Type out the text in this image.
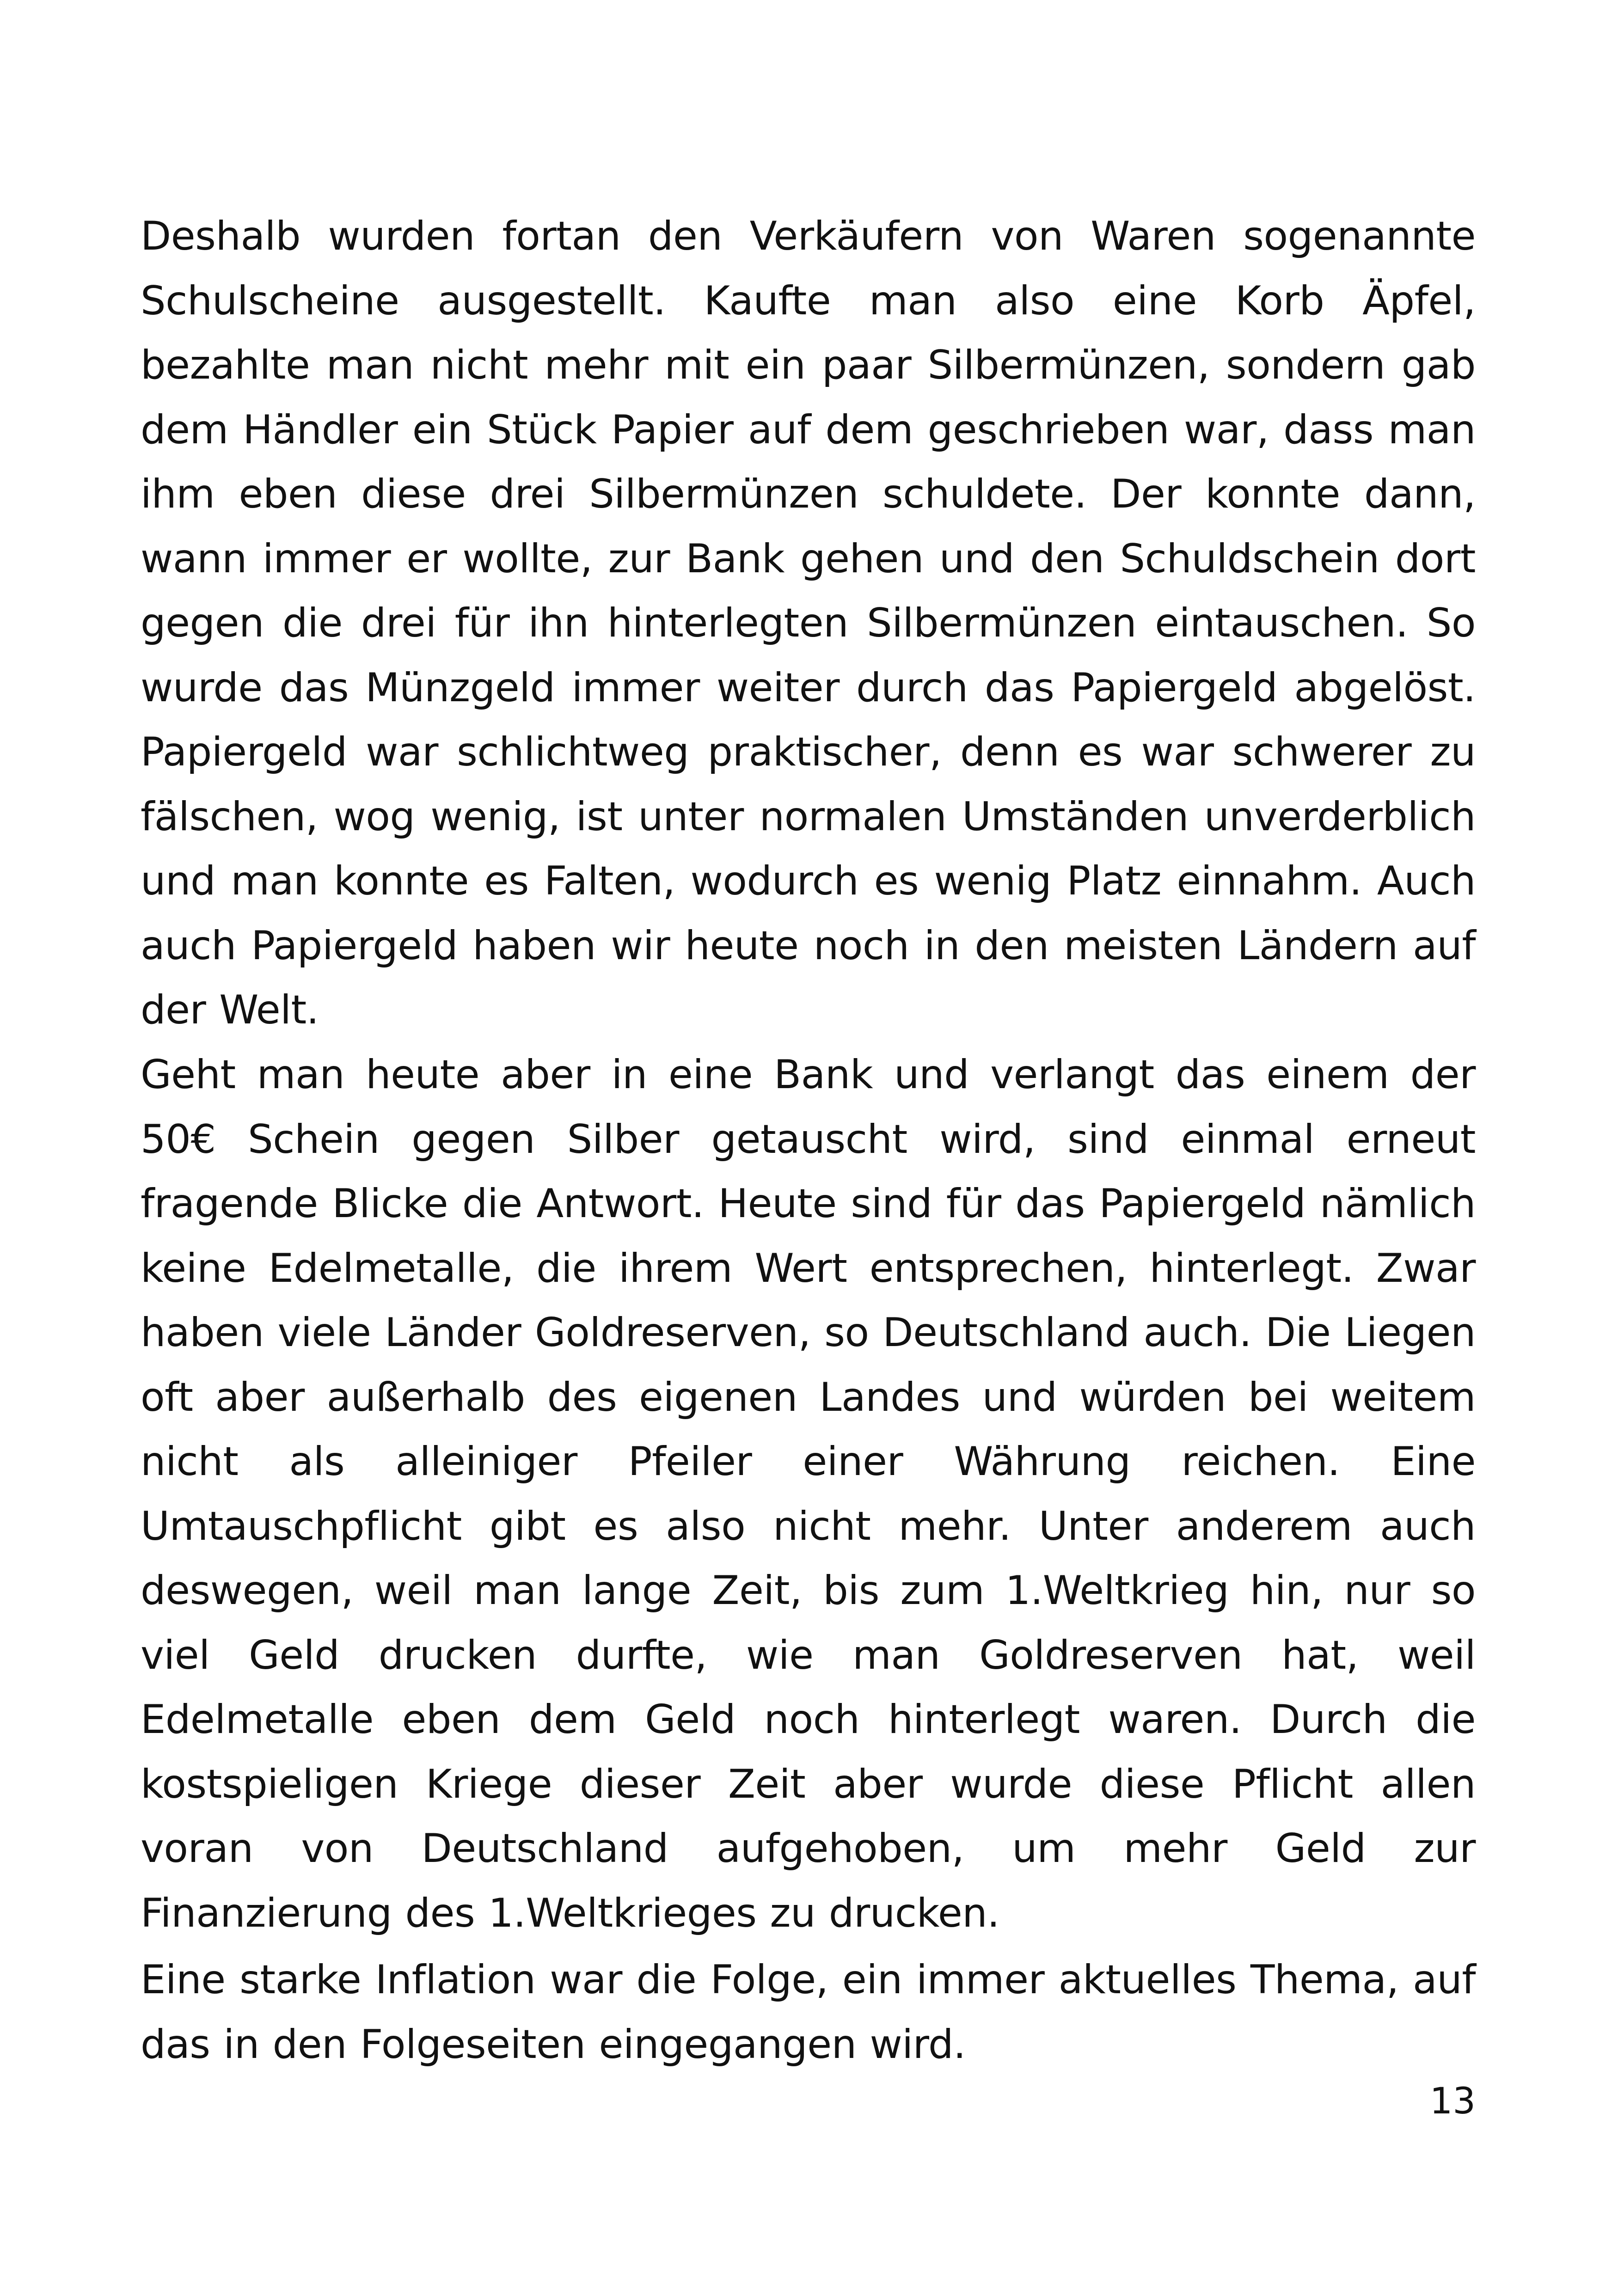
Deshalb wurden fortan den Verkäufern von Waren sogenannte Schulscheine ausgestellt. Kaufte man also eine Korb Äpfel, bezahlte man nicht mehr mit ein paar Silbermünzen, sondern gab dem Händler ein Stück Papier auf dem geschrieben war, dass man ihm eben diese drei Silbermünzen schuldete. Der konnte dann, wann immer er wollte, zur Bank gehen und den Schuldschein dort gegen die drei für ihn hinterlegten Silbermünzen eintauschen. So wurde das Münzgeld immer weiter durch das Papiergeld abgelöst. Papiergeld war schlichtweg praktischer, denn es war schwerer zu fälschen, wog wenig, ist unter normalen Umständen unverderblich und man konnte es Falten, wodurch es wenig Platz einnahm. Auch auch Papiergeld haben wir heute noch in den meisten Ländern auf der Welt.

Geht man heute aber in eine Bank und verlangt das einem der 50€ Schein gegen Silber getauscht wird, sind einmal erneut fragende Blicke die Antwort. Heute sind für das Papiergeld nämlich keine Edelmetalle, die ihrem Wert entsprechen, hinterlegt. Zwar haben viele Länder Goldreserven, so Deutschland auch. Die Liegen oft aber außerhalb des eigenen Landes und würden bei weitem nicht als alleiniger Pfeiler einer Währung reichen. Eine Umtauschpflicht gibt es also nicht mehr. Unter anderem auch deswegen, weil man lange Zeit, bis zum 1.Weltkrieg hin, nur so viel Geld drucken durfte, wie man Goldreserven hat, weil Edelmetalle eben dem Geld noch hinterlegt waren. Durch die kostspieligen Kriege dieser Zeit aber wurde diese Pflicht allen voran von Deutschland aufgehoben, um mehr Geld zur Finanzierung des 1.Weltkrieges zu drucken.

Eine starke Inflation war die Folge, ein immer aktuelles Thema, auf das in den Folgeseiten eingegangen wird.

13
